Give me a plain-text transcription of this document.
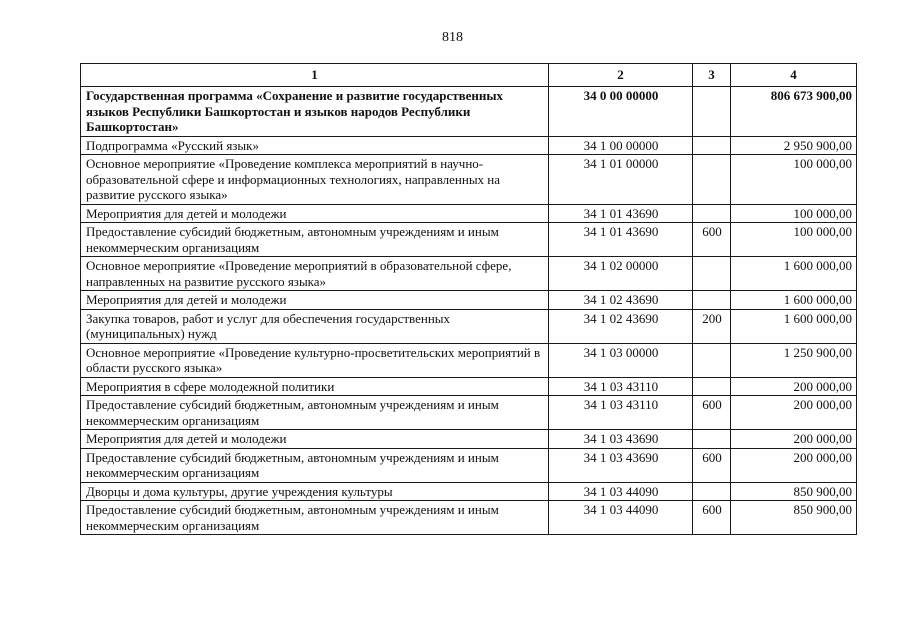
818
1	2	3	4
Государственная программа «Сохранение и развитие государственных языков Республики Башкортостан и языков народов Республики Башкортостан»	34 0 00 00000		806 673 900,00
Подпрограмма «Русский язык»	34 1 00 00000		2 950 900,00
Основное мероприятие «Проведение комплекса мероприятий в научно-образовательной сфере и информационных технологиях, направленных на развитие русского языка»	34 1 01 00000		100 000,00
Мероприятия для детей и молодежи	34 1 01 43690		100 000,00
Предоставление субсидий бюджетным, автономным учреждениям и иным некоммерческим организациям	34 1 01 43690	600	100 000,00
Основное мероприятие «Проведение мероприятий в образовательной сфере, направленных на развитие русского языка»	34 1 02 00000		1 600 000,00
Мероприятия для детей и молодежи	34 1 02 43690		1 600 000,00
Закупка товаров, работ и услуг для обеспечения государственных (муниципальных) нужд	34 1 02 43690	200	1 600 000,00
Основное мероприятие «Проведение культурно-просветительских мероприятий в области русского языка»	34 1 03 00000		1 250 900,00
Мероприятия в сфере молодежной политики	34 1 03 43110		200 000,00
Предоставление субсидий бюджетным, автономным учреждениям и иным некоммерческим организациям	34 1 03 43110	600	200 000,00
Мероприятия для детей и молодежи	34 1 03 43690		200 000,00
Предоставление субсидий бюджетным, автономным учреждениям и иным некоммерческим организациям	34 1 03 43690	600	200 000,00
Дворцы и дома культуры, другие учреждения культуры	34 1 03 44090		850 900,00
Предоставление субсидий бюджетным, автономным учреждениям и иным некоммерческим организациям	34 1 03 44090	600	850 900,00
